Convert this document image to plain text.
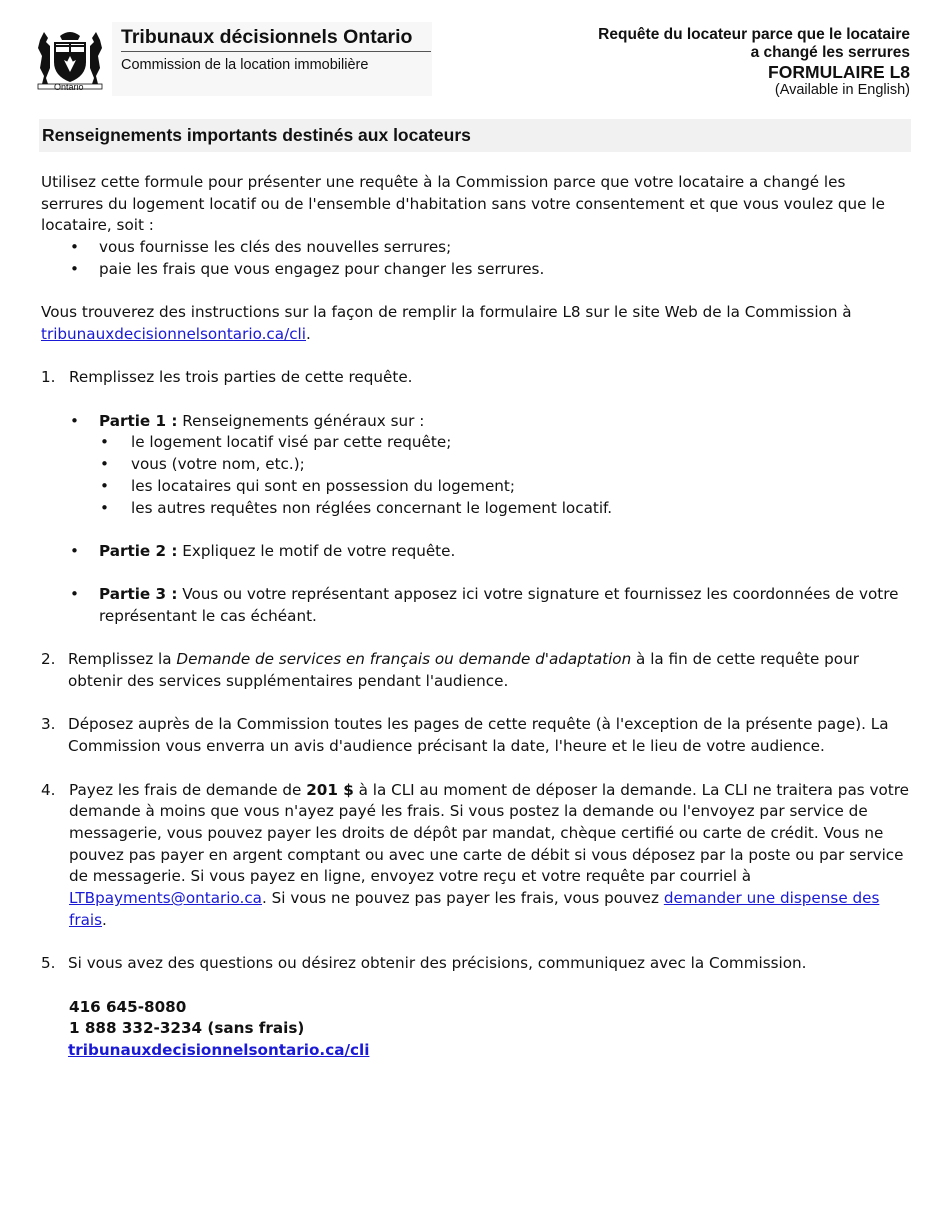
Ontario
Tribunaux décisionnels Ontario
Commission de la location immobilière
Requête du locateur parce que le locataire
a changé les serrures
FORMULAIRE L8
(Available in English)
Renseignements importants destinés aux locateurs

Utilisez cette formule pour présenter une requête à la Commission parce que votre locataire a changé les serrures du logement locatif ou de l'ensemble d'habitation sans votre consentement et que vous voulez que le locataire, soit :

• vous fournisse les clés des nouvelles serrures;
• paie les frais que vous engagez pour changer les serrures.

Vous trouverez des instructions sur la façon de remplir la formulaire L8 sur le site Web de la Commission à tribunauxdecisionnelsontario.ca/cli.

1. Remplissez les trois parties de cette requête.
• Partie 1 : Renseignements généraux sur :
• le logement locatif visé par cette requête;
• vous (votre nom, etc.);
• les locataires qui sont en possession du logement;
• les autres requêtes non réglées concernant le logement locatif.
• Partie 2 : Expliquez le motif de votre requête.
• Partie 3 : Vous ou votre représentant apposez ici votre signature et fournissez les coordonnées de votre représentant le cas échéant.
2. Remplissez la Demande de services en français ou demande d'adaptation à la fin de cette requête pour obtenir des services supplémentaires pendant l'audience.
3. Déposez auprès de la Commission toutes les pages de cette requête (à l'exception de la présente page). La Commission vous enverra un avis d'audience précisant la date, l'heure et le lieu de votre audience.
4. Payez les frais de demande de 201 $ à la CLI au moment de déposer la demande. La CLI ne traitera pas votre demande à moins que vous n'ayez payé les frais. Si vous postez la demande ou l'envoyez par service de messagerie, vous pouvez payer les droits de dépôt par mandat, chèque certifié ou carte de crédit. Vous ne pouvez pas payer en argent comptant ou avec une carte de débit si vous déposez par la poste ou par service de messagerie. Si vous payez en ligne, envoyez votre reçu et votre requête par courriel à LTBpayments@ontario.ca. Si vous ne pouvez pas payer les frais, vous pouvez demander une dispense des frais.
5. Si vous avez des questions ou désirez obtenir des précisions, communiquez avec la Commission.
416 645-8080
1 888 332-3234 (sans frais)
tribunauxdecisionnelsontario.ca/cli
